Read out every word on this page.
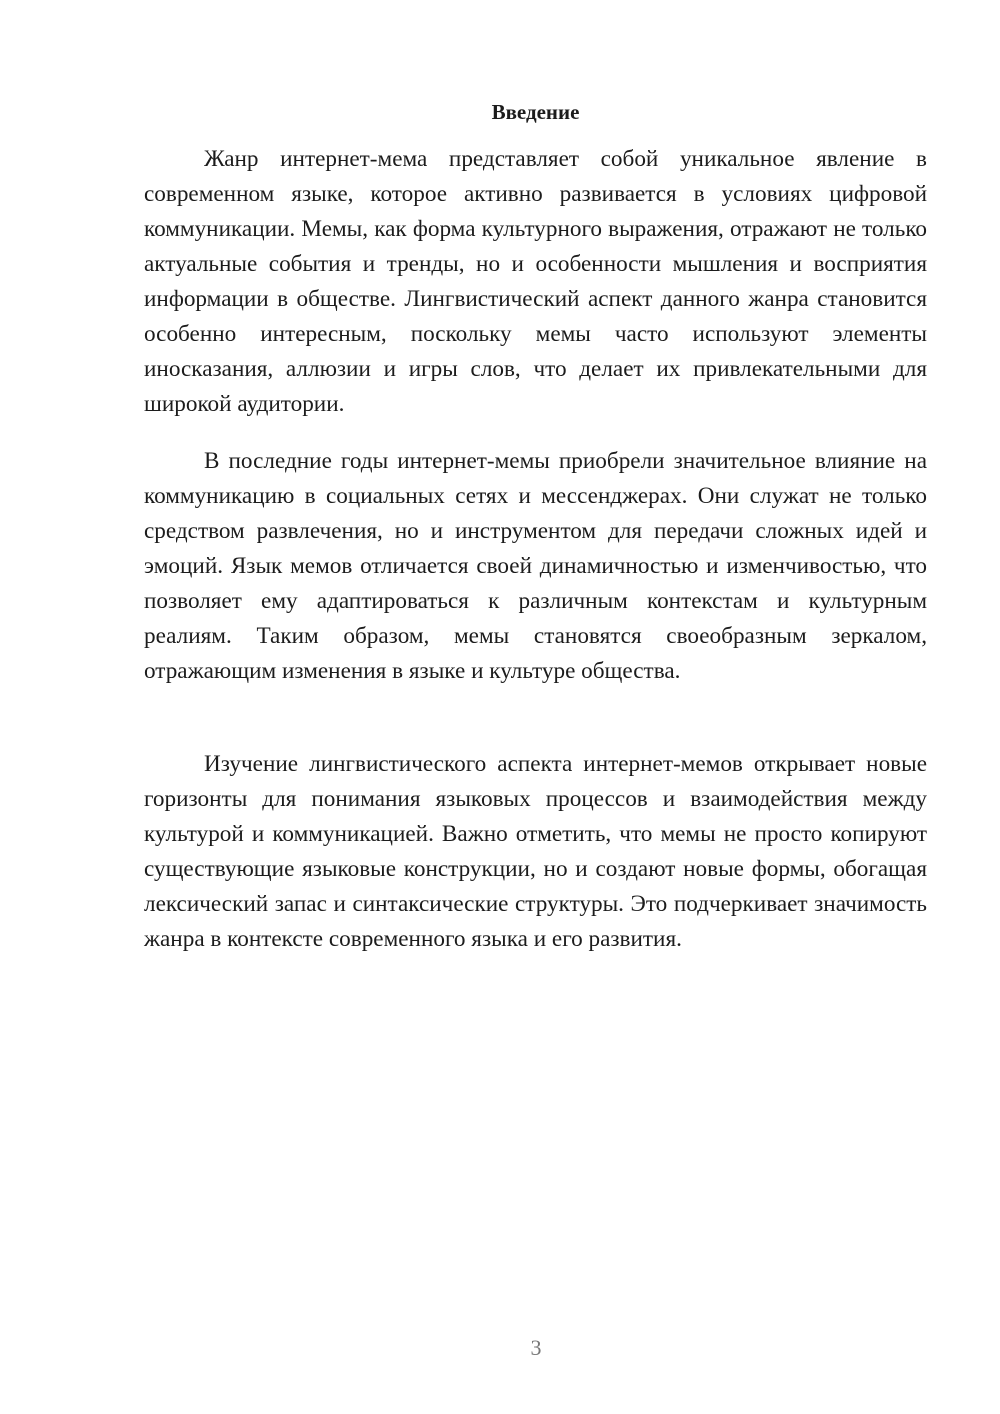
Введение

Жанр интернет-мема представляет собой уникальное явление в современном языке, которое активно развивается в условиях цифровой коммуникации. Мемы, как форма культурного выражения, отражают не только актуальные события и тренды, но и особенности мышления и восприятия информации в обществе. Лингвистический аспект данного жанра становится особенно интересным, поскольку мемы часто используют элементы иносказания, аллюзии и игры слов, что делает их привлекательными для широкой аудитории.

В последние годы интернет-мемы приобрели значительное влияние на коммуникацию в социальных сетях и мессенджерах. Они служат не только средством развлечения, но и инструментом для передачи сложных идей и эмоций. Язык мемов отличается своей динамичностью и изменчивостью, что позволяет ему адаптироваться к различным контекстам и культурным реалиям. Таким образом, мемы становятся своеобразным зеркалом, отражающим изменения в языке и культуре общества.

Изучение лингвистического аспекта интернет-мемов открывает новые горизонты для понимания языковых процессов и взаимодействия между культурой и коммуникацией. Важно отметить, что мемы не просто копируют существующие языковые конструкции, но и создают новые формы, обогащая лексический запас и синтаксические структуры. Это подчеркивает значимость жанра в контексте современного языка и его развития.

3
